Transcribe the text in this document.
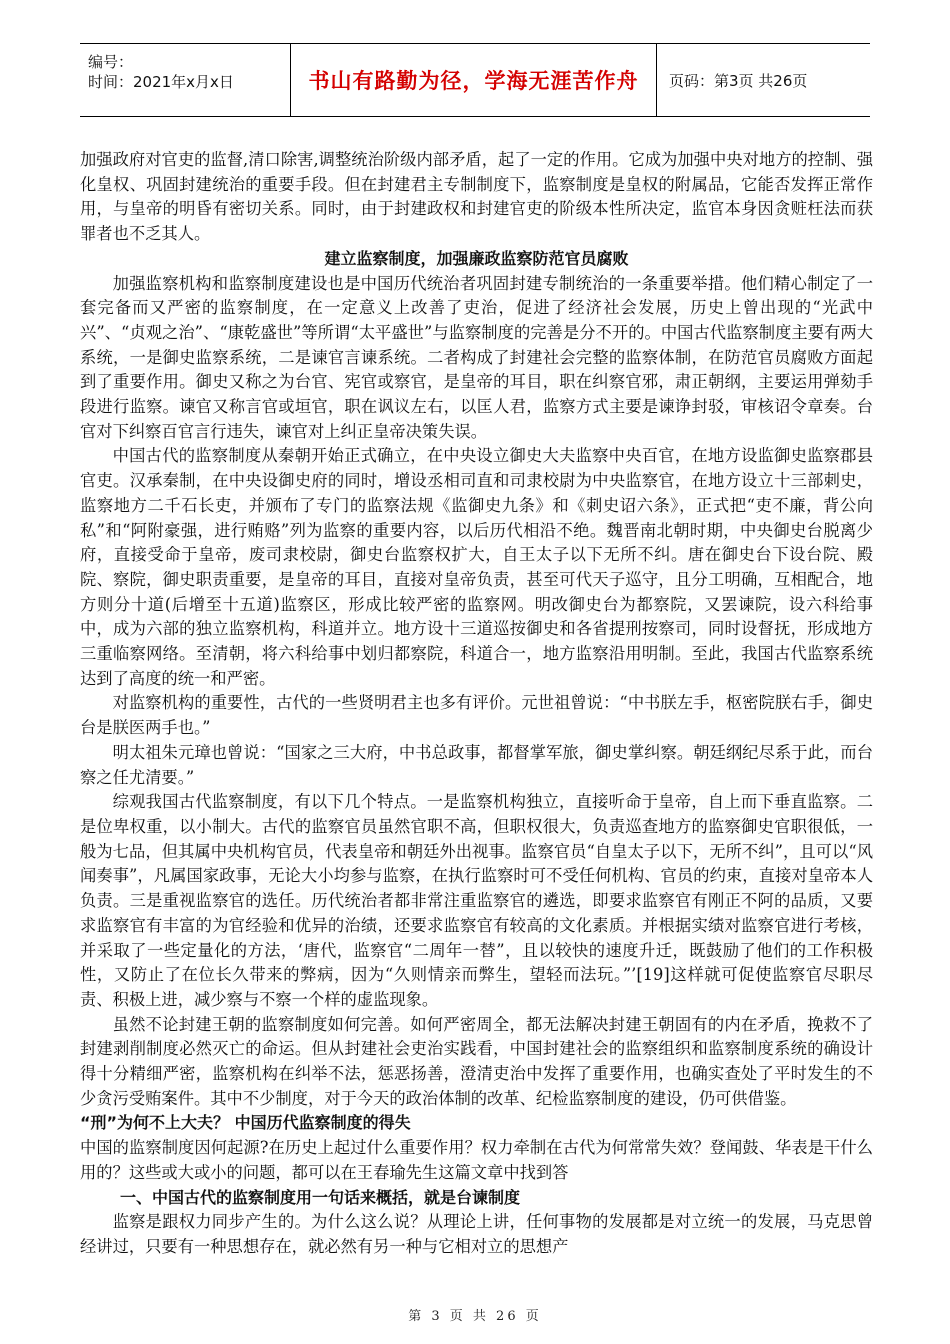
编号：
时间：2021年x月x日	书山有路勤为径，学海无涯苦作舟	页码：第3页 共26页

加强政府对官吏的监督,清口除害,调整统治阶级内部矛盾，起了一定的作用。它成为加强中央对地方的控制、强化皇权、巩固封建统治的重要手段。但在封建君主专制制度下，监察制度是皇权的附属品，它能否发挥正常作用，与皇帝的明昏有密切关系。同时，由于封建政权和封建官吏的阶级本性所决定，监官本身因贪赃枉法而获罪者也不乏其人。

建立监察制度，加强廉政监察防范官员腐败

加强监察机构和监察制度建设也是中国历代统治者巩固封建专制统治的一条重要举措。他们精心制定了一套完备而又严密的监察制度，在一定意义上改善了吏治，促进了经济社会发展，历史上曾出现的“光武中兴”、“贞观之治”、“康乾盛世”等所谓“太平盛世”与监察制度的完善是分不开的。中国古代监察制度主要有两大系统，一是御史监察系统，二是谏官言谏系统。二者构成了封建社会完整的监察体制，在防范官员腐败方面起到了重要作用。御史又称之为台官、宪官或察官，是皇帝的耳目，职在纠察官邪，肃正朝纲，主要运用弹劾手段进行监察。谏官又称言官或垣官，职在讽议左右，以匡人君，监察方式主要是谏诤封驳，审核诏令章奏。台官对下纠察百官言行违失，谏官对上纠正皇帝决策失误。

中国古代的监察制度从秦朝开始正式确立，在中央设立御史大夫监察中央百官，在地方设监御史监察郡县官吏。汉承秦制，在中央设御史府的同时，增设丞相司直和司隶校尉为中央监察官，在地方设立十三部刺史，监察地方二千石长吏，并颁布了专门的监察法规《监御史九条》和《刺史诏六条》，正式把“吏不廉，背公向私”和“阿附豪强，进行贿赂”列为监察的重要内容，以后历代相沿不绝。魏晋南北朝时期，中央御史台脱离少府，直接受命于皇帝，废司隶校尉，御史台监察权扩大，自王太子以下无所不纠。唐在御史台下设台院、殿院、察院，御史职责重要，是皇帝的耳目，直接对皇帝负责，甚至可代天子巡守，且分工明确，互相配合，地方则分十道(后增至十五道)监察区，形成比较严密的监察网。明改御史台为都察院，又罢谏院，设六科给事中，成为六部的独立监察机构，科道并立。地方设十三道巡按御史和各省提刑按察司，同时设督抚，形成地方三重临察网络。至清朝，将六科给事中划归都察院，科道合一，地方监察沿用明制。至此，我国古代监察系统达到了高度的统一和严密。

对监察机构的重要性，古代的一些贤明君主也多有评价。元世祖曾说：“中书朕左手，枢密院朕右手，御史台是朕医两手也。”

明太祖朱元璋也曾说：“国家之三大府，中书总政事，都督掌军旅，御史掌纠察。朝廷纲纪尽系于此，而台察之任尤清要。”

综观我国古代监察制度，有以下几个特点。一是监察机构独立，直接听命于皇帝，自上而下垂直监察。二是位卑权重，以小制大。古代的监察官员虽然官职不高，但职权很大，负责巡查地方的监察御史官职很低，一般为七品，但其属中央机构官员，代表皇帝和朝廷外出视事。监察官员“自皇太子以下，无所不纠”，且可以“风闻奏事”，凡属国家政事，无论大小均参与监察，在执行监察时可不受任何机构、官员的约束，直接对皇帝本人负责。三是重视监察官的选任。历代统治者都非常注重监察官的遴选，即要求监察官有刚正不阿的品质，又要求监察官有丰富的为官经验和优异的治绩，还要求监察官有较高的文化素质。并根据实绩对监察官进行考核，并采取了一些定量化的方法，‘唐代，监察官“二周年一替”，且以较快的速度升迁，既鼓励了他们的工作积极性，又防止了在位长久带来的弊病，因为“久则情亲而弊生，望轻而法玩。”’[19]这样就可促使监察官尽职尽责、积极上进，减少察与不察一个样的虚监现象。

虽然不论封建王朝的监察制度如何完善。如何严密周全，都无法解决封建王朝固有的内在矛盾，挽救不了封建剥削制度必然灭亡的命运。但从封建社会吏治实践看，中国封建社会的监察组织和监察制度系统的确设计得十分精细严密，监察机构在纠举不法，惩恶扬善，澄清吏治中发挥了重要作用，也确实查处了平时发生的不少贪污受贿案件。其中不少制度，对于今天的政治体制的改革、纪检监察制度的建设，仍可供借鉴。

“刑”为何不上大夫？ 中国历代监察制度的得失

中国的监察制度因何起源?在历史上起过什么重要作用？权力牵制在古代为何常常失效？登闻鼓、华表是干什么用的？这些或大或小的问题，都可以在王春瑜先生这篇文章中找到答

一、中国古代的监察制度用一句话来概括，就是台谏制度

监察是跟权力同步产生的。为什么这么说？从理论上讲，任何事物的发展都是对立统一的发展，马克思曾经讲过，只要有一种思想存在，就必然有另一种与它相对立的思想产

第 3 页 共 26 页
